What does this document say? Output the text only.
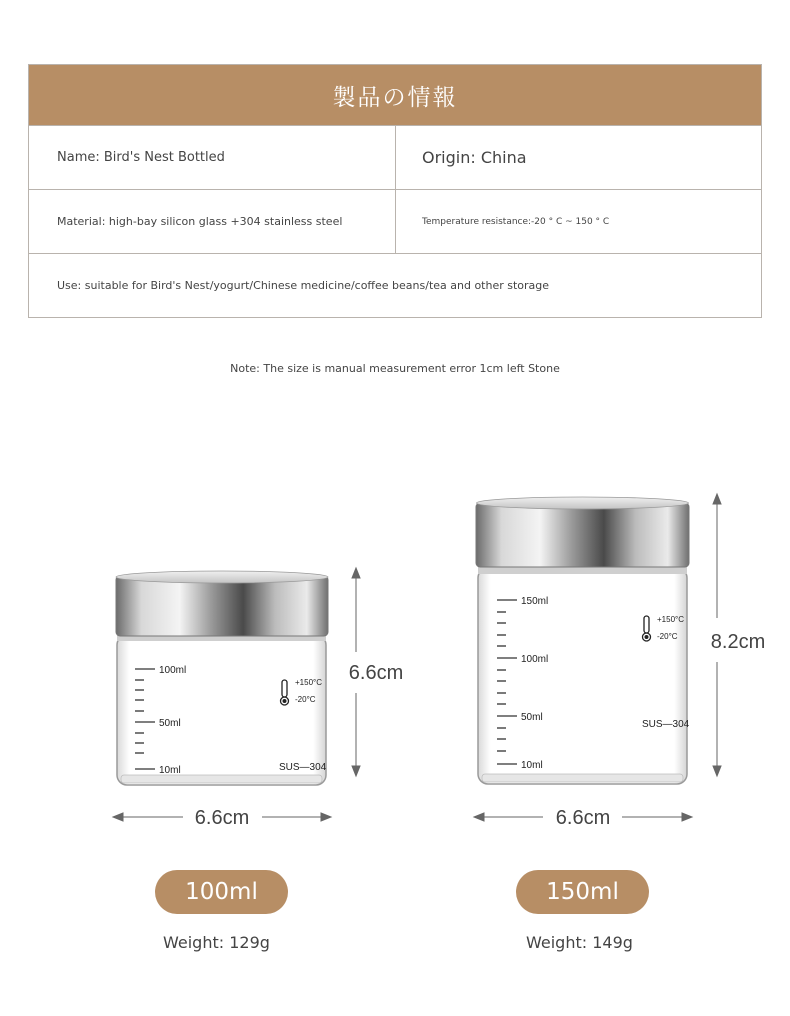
製品の情報
Name: Bird's Nest Bottled	Origin: China
Material: high-bay silicon glass +304 stainless steel	Temperature resistance:-20 ° C ~ 150 ° C
Use: suitable for Bird's Nest/yogurt/Chinese medicine/coffee beans/tea and other storage
Note: The size is manual measurement error 1cm left Stone
100ml
50ml
10ml
+150°C
-20°C
SUS—304
6.6cm
6.6cm
150ml
100ml
50ml
10ml
+150°C
-20°C
SUS—304
8.2cm
6.6cm
100ml	150ml
Weight: 129g	Weight: 149g
